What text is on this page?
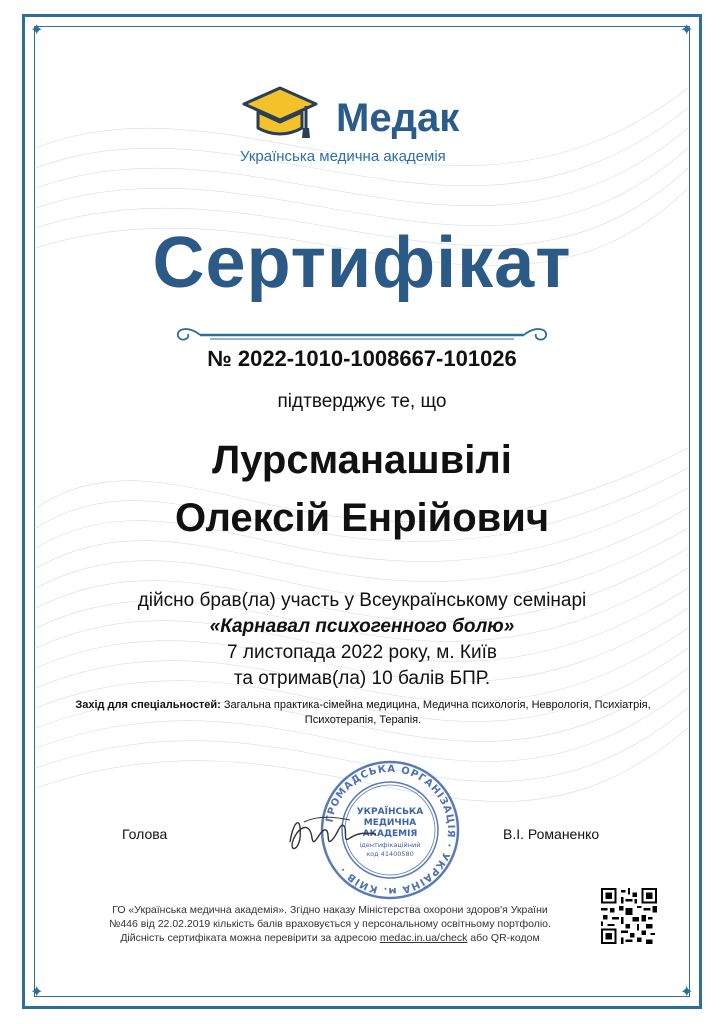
✦	✦
✦	✦
Медак
Українська медична академія
Сертифікат
№ 2022-1010-1008667-101026
підтверджує те, що
Лурсманашвілі
Олексій Енрійович
дійсно брав(ла) участь у Всеукраїнському семінарі
«Карнавал психогенного болю»
7 листопада 2022 року, м. Київ
та отримав(ла) 10 балів БПР.
Захід для спеціальностей: Загальна практика-сімейна медицина, Медична психологія, Неврологія, Психіатрія, Психотерапія, Терапія.
ГРОМАДСЬКА ОРГАНІЗАЦІЯ · УКРАЇНА м. КИЇВ ·
УКРАЇНСЬКА
МЕДИЧНА
АКАДЕМІЯ
ідентифікаційний
код 41400580
Голова	В.І. Романенко
ГО «Українська медична академія». Згідно наказу Міністерства охорони здоров'я України
№446 від 22.02.2019 кількість балів враховується у персональному освітньому портфоліо.
Дійсність сертифіката можна перевірити за адресою medac.in.ua/check або QR-кодом
